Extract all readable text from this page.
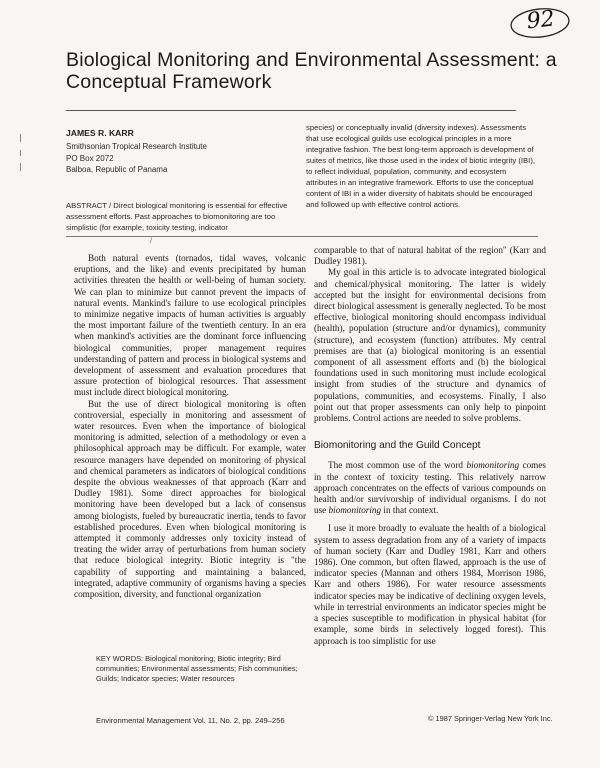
92
Biological Monitoring and Environmental Assessment: a Conceptual Framework
JAMES R. KARR
Smithsonian Tropical Research Institute
PO Box 2072
Balboa, Republic of Panama
ABSTRACT / Direct biological monitoring is essential for effective assessment efforts. Past approaches to biomonitoring are too simplistic (for example, toxicity testing, indicator
species) or conceptually invalid (diversity indexes). Assessments that use ecological guilds use ecological principles in a more integrative fashion. The best long-term approach is development of suites of metrics, like those used in the index of biotic integrity (IBI), to reflect individual, population, community, and ecosystem attributes in an integrative framework. Efforts to use the conceptual content of IBI in a wider diversity of habitats should be encouraged and followed up with effective control actions.
/

Both natural events (tornados, tidal waves, volcanic eruptions, and the like) and events precipitated by human activities threaten the health or well-being of human society. We can plan to minimize but cannot prevent the impacts of natural events. Mankind's failure to use ecological principles to minimize negative impacts of human activities is arguably the most important failure of the twentieth century. In an era when mankind's activities are the dominant force influencing biological communities, proper management requires understanding of pattern and process in biological systems and development of assessment and evaluation procedures that assure protection of biological resources. That assessment must include direct biological monitoring.

But the use of direct biological monitoring is often controversial, especially in monitoring and assessment of water resources. Even when the importance of biological monitoring is admitted, selection of a methodology or even a philosophical approach may be difficult. For example, water resource managers have depended on monitoring of physical and chemical parameters as indicators of biological conditions despite the obvious weaknesses of that approach (Karr and Dudley 1981). Some direct approaches for biological monitoring have been developed but a lack of consensus among biologists, fueled by bureaucratic inertia, tends to favor established procedures. Even when biological monitoring is attempted it commonly addresses only toxicity instead of treating the wider array of perturbations from human society that reduce biological integrity. Biotic integrity is "the capability of supporting and maintaining a balanced, integrated, adaptive community of organisms having a species composition, diversity, and functional organization

comparable to that of natural habitat of the region" (Karr and Dudley 1981).

My goal in this article is to advocate integrated biological and chemical/physical monitoring. The latter is widely accepted but the insight for environmental decisions from direct biological assessment is generally neglected. To be most effective, biological monitoring should encompass individual (health), population (structure and/or dynamics), community (structure), and ecosystem (function) attributes. My central premises are that (a) biological monitoring is an essential component of all assessment efforts and (b) the biological foundations used in such monitoring must include ecological insight from studies of the structure and dynamics of populations, communities, and ecosystems. Finally, I also point out that proper assessments can only help to pinpoint problems. Control actions are needed to solve problems.

Biomonitoring and the Guild Concept

The most common use of the word biomonitoring comes in the context of toxicity testing. This relatively narrow approach concentrates on the effects of various compounds on health and/or survivorship of individual organisms. I do not use biomonitoring in that context.

I use it more broadly to evaluate the health of a biological system to assess degradation from any of a variety of impacts of human society (Karr and Dudley 1981, Karr and others 1986). One common, but often flawed, approach is the use of indicator species (Mannan and others 1984, Morrison 1986, Karr and others 1986). For water resource assessments indicator species may be indicative of declining oxygen levels, while in terrestrial environments an indicator species might be a species susceptible to modification in physical habitat (for example, some birds in selectively logged forest). This approach is too simplistic for use

KEY WORDS: Biological monitoring; Biotic integrity; Bird communities; Environmental assessments; Fish communities; Guilds; Indicator species; Water resources
Environmental Management Vol. 11, No. 2, pp. 249–256	© 1987 Springer-Verlag New York Inc.
